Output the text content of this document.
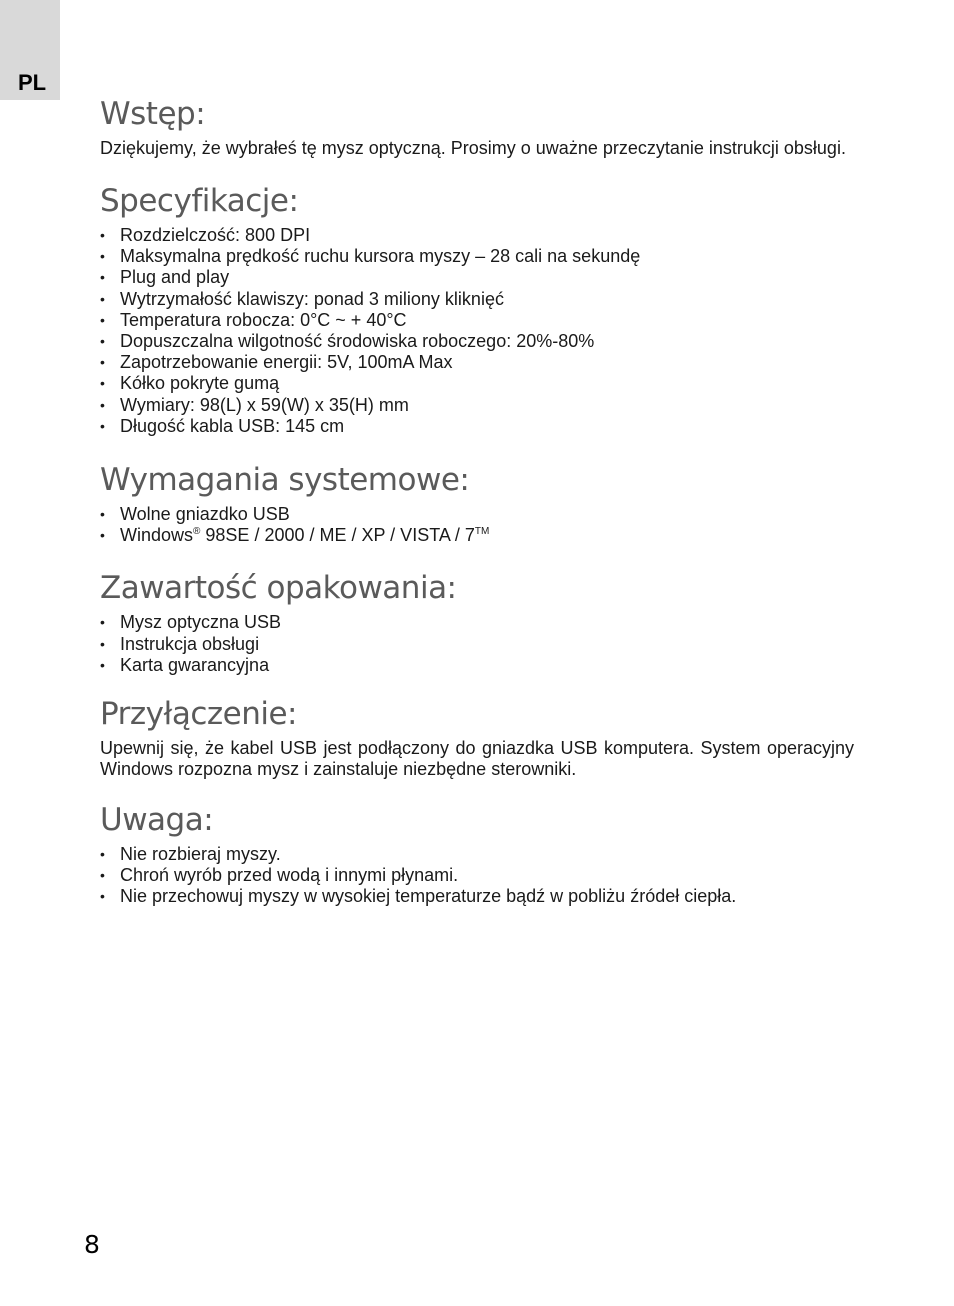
PL
Wstęp:

Dziękujemy, że wybrałeś tę mysz optyczną. Prosimy o uważne przeczytanie instrukcji obsługi.

Specyfikacje:
• Rozdzielczość: 800 DPI
• Maksymalna prędkość ruchu kursora myszy – 28 cali na sekundę
• Plug and play
• Wytrzymałość klawiszy: ponad 3 miliony kliknięć
• Temperatura robocza: 0°C ~ + 40°C
• Dopuszczalna wilgotność środowiska roboczego: 20%-80%
• Zapotrzebowanie energii: 5V, 100mA Max
• Kółko pokryte gumą
• Wymiary: 98(L) x 59(W) x 35(H) mm
• Długość kabla USB: 145 cm
Wymagania systemowe:
• Wolne gniazdko USB
• Windows® 98SE / 2000 / ME / XP / VISTA / 7™
Zawartość opakowania:
• Mysz optyczna USB
• Instrukcja obsługi
• Karta gwarancyjna
Przyłączenie:

Upewnij się, że kabel USB jest podłączony do gniazdka USB komputera. System operacyjny Windows rozpozna mysz i zainstaluje niezbędne sterowniki.

Uwaga:
• Nie rozbieraj myszy.
• Chroń wyrób przed wodą i innymi płynami.
• Nie przechowuj myszy w wysokiej temperaturze bądź w pobliżu źródeł ciepła.
8
